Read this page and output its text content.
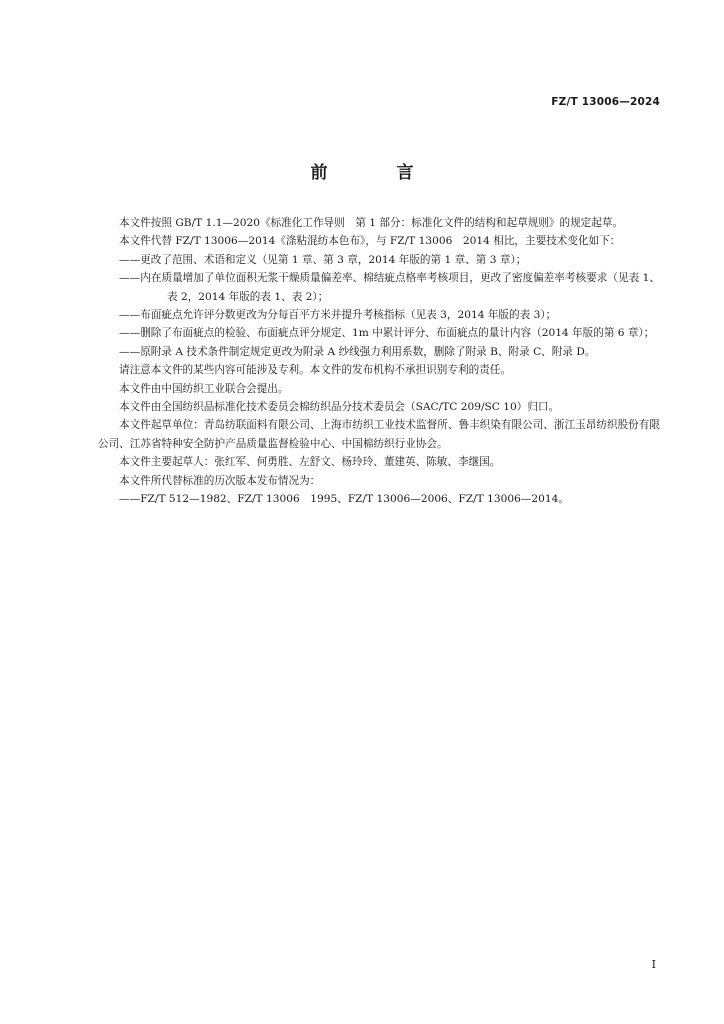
FZ/T 13006—2024
前　言

本文件按照 GB/T 1.1—2020《标准化工作导则　第 1 部分：标准化文件的结构和起草规则》的规定起草。

本文件代替 FZ/T 13006—2014《涤粘混纺本色布》，与 FZ/T 13006　2014 相比，主要技术变化如下：

——更改了范围、术语和定义（见第 1 章、第 3 章，2014 年版的第 1 章、第 3 章）；

——内在质量增加了单位面积无浆干燥质量偏差率、棉结疵点格率考核项目，更改了密度偏差率考核要求（见表 1、表 2，2014 年版的表 1、表 2）；

——布面疵点允许评分数更改为分每百平方米并提升考核指标（见表 3，2014 年版的表 3）；

——删除了布面疵点的检验、布面疵点评分规定、1m 中累计评分、布面疵点的量计内容（2014 年版的第 6 章）；

——原附录 A 技术条件制定规定更改为附录 A 纱线强力利用系数，删除了附录 B、附录 C、附录 D。

请注意本文件的某些内容可能涉及专利。本文件的发布机构不承担识别专利的责任。

本文件由中国纺织工业联合会提出。

本文件由全国纺织品标准化技术委员会棉纺织品分技术委员会（SAC/TC 209/SC 10）归口。

本文件起草单位：青岛纺联面料有限公司、上海市纺织工业技术监督所、鲁丰织染有限公司、浙江玉昂纺织股份有限公司、江苏省特种安全防护产品质量监督检验中心、中国棉纺织行业协会。

本文件主要起草人：张红军、何勇胜、左舒文、杨玲玲、董建英、陈敏、李继国。

本文件所代替标准的历次版本发布情况为：

——FZ/T 512—1982、FZ/T 13006　1995、FZ/T 13006—2006、FZ/T 13006—2014。

I
